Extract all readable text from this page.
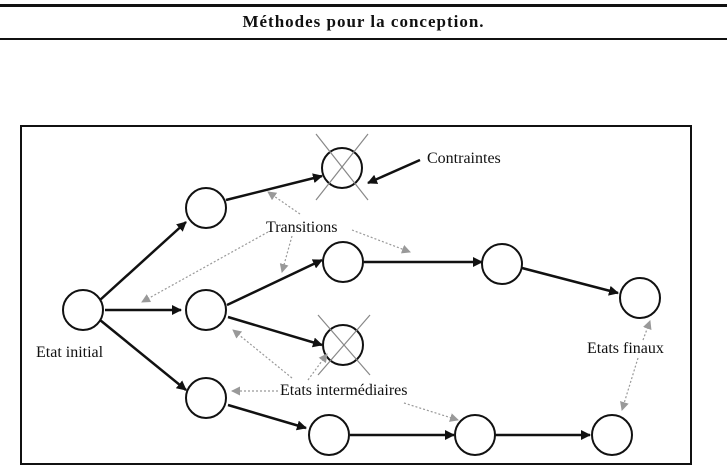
Méthodes pour la conception.
Contraintes
Transitions
Etat initial	Etats finaux
Etats intermédiaires
